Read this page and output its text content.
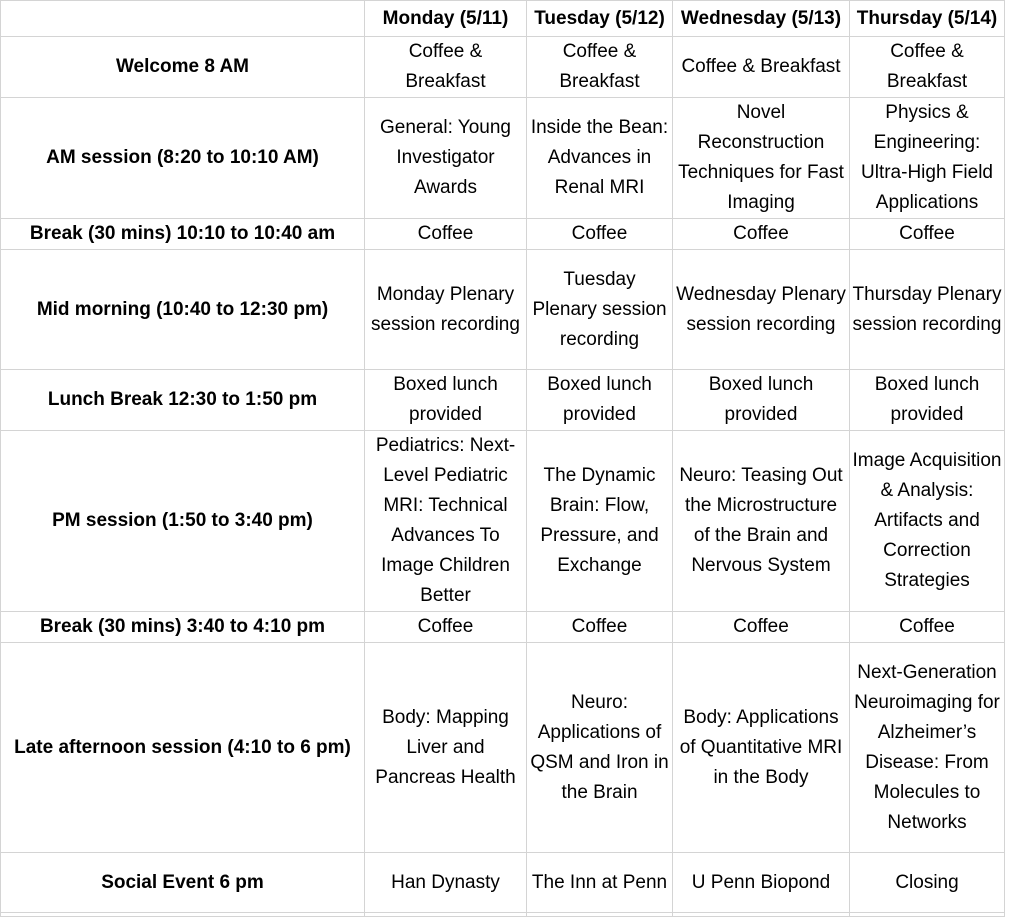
	Monday (5/11)	Tuesday (5/12)	Wednesday (5/13)	Thursday (5/14)
Welcome 8 AM	Coffee & Breakfast	Coffee & Breakfast	Coffee & Breakfast	Coffee & Breakfast
AM session (8:20 to 10:10 AM)	General: Young Investigator Awards	Inside the Bean: Advances in Renal MRI	Novel Reconstruction Techniques for Fast Imaging	Physics & Engineering: Ultra-High Field Applications
Break (30 mins) 10:10 to 10:40 am	Coffee	Coffee	Coffee	Coffee
Mid morning (10:40 to 12:30 pm)	Monday Plenary session recording	Tuesday Plenary session recording	Wednesday Plenary session recording	Thursday Plenary session recording
Lunch Break 12:30 to 1:50 pm	Boxed lunch provided	Boxed lunch provided	Boxed lunch provided	Boxed lunch provided
PM session (1:50 to 3:40 pm)	Pediatrics: Next-Level Pediatric MRI: Technical Advances To Image Children Better	The Dynamic Brain: Flow, Pressure, and Exchange	Neuro: Teasing Out the Microstructure of the Brain and Nervous System	Image Acquisition & Analysis: Artifacts and Correction Strategies
Break (30 mins) 3:40 to 4:10 pm	Coffee	Coffee	Coffee	Coffee
Late afternoon session (4:10 to 6 pm)	Body: Mapping Liver and Pancreas Health	Neuro: Applications of QSM and Iron in the Brain	Body: Applications of Quantitative MRI in the Body	Next-Generation Neuroimaging for Alzheimer’s Disease: From Molecules to Networks
Social Event 6 pm	Han Dynasty	The Inn at Penn	U Penn Biopond	Closing
